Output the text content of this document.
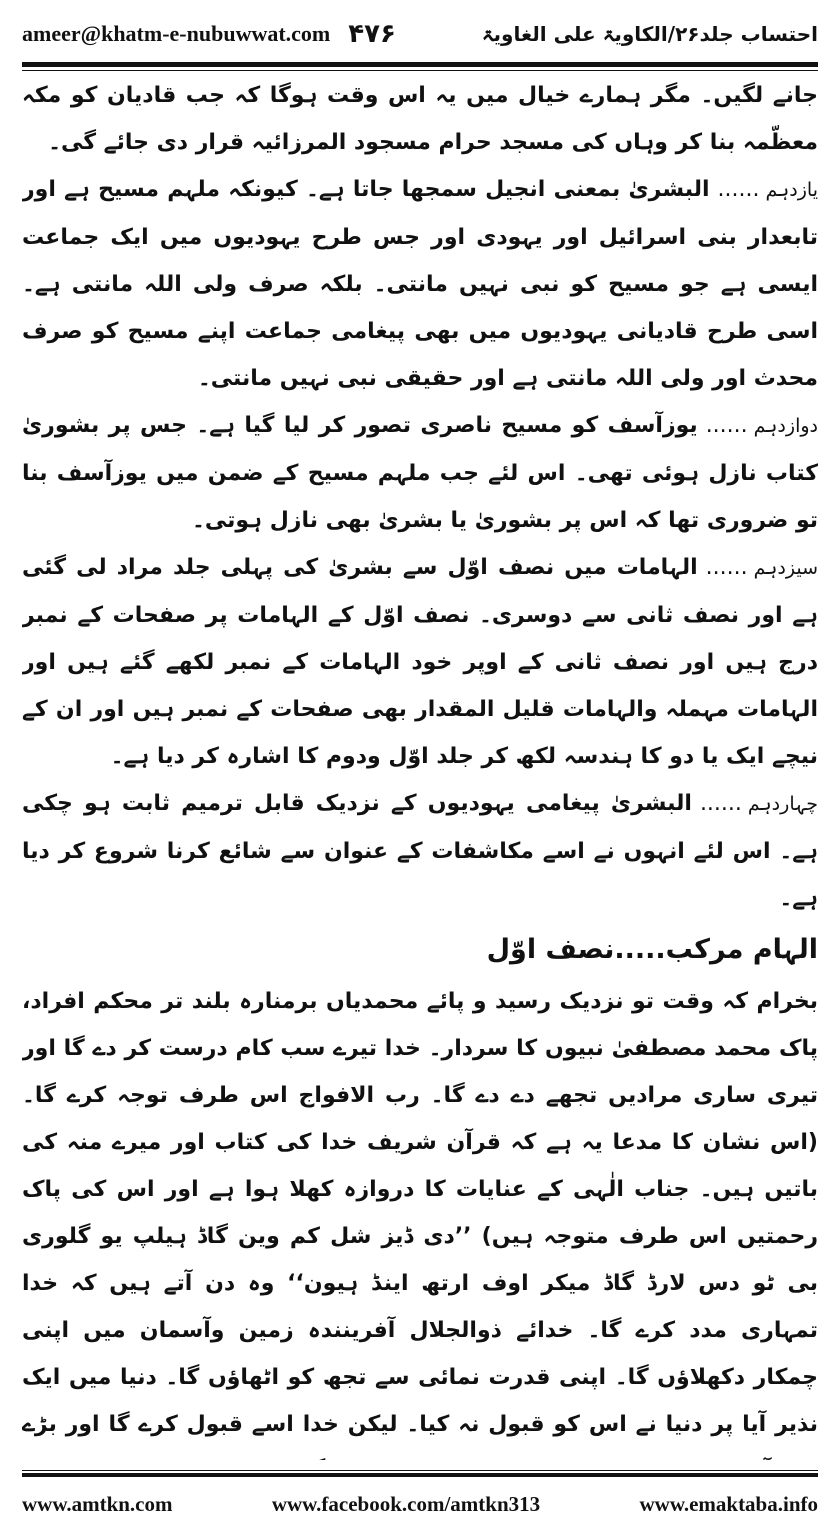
ameer@khatm-e-nubuwwat.com ۴۷۶	احتساب جلد۲۶/الکاویۃ علی الغاویۃ

جانے لگیں۔ مگر ہمارے خیال میں یہ اس وقت ہوگا کہ جب قادیان کو مکہ معظّمہ بنا کر وہاں کی مسجد حرام مسجود المرزائیہ قرار دی جائے گی۔

یازدہم......البشریٰ بمعنی انجیل سمجھا جاتا ہے۔ کیونکہ ملہم مسیح ہے اور تابعدار بنی اسرائیل اور یہودی اور جس طرح یہودیوں میں ایک جماعت ایسی ہے جو مسیح کو نبی نہیں مانتی۔ بلکہ صرف ولی اللہ مانتی ہے۔ اسی طرح قادیانی یہودیوں میں بھی پیغامی جماعت اپنے مسیح کو صرف محدث اور ولی اللہ مانتی ہے اور حقیقی نبی نہیں مانتی۔

دوازدہم......یوزآسف کو مسیح ناصری تصور کر لیا گیا ہے۔ جس پر بشوریٰ کتاب نازل ہوئی تھی۔ اس لئے جب ملہم مسیح کے ضمن میں یوزآسف بنا تو ضروری تھا کہ اس پر بشوریٰ یا بشریٰ بھی نازل ہوتی۔

سیزدہم......الہامات میں نصف اوّل سے بشریٰ کی پہلی جلد مراد لی گئی ہے اور نصف ثانی سے دوسری۔ نصف اوّل کے الہامات پر صفحات کے نمبر درج ہیں اور نصف ثانی کے اوپر خود الہامات کے نمبر لکھے گئے ہیں اور الہامات مہملہ والہامات قلیل المقدار بھی صفحات کے نمبر ہیں اور ان کے نیچے ایک یا دو کا ہندسہ لکھ کر جلد اوّل ودوم کا اشارہ کر دیا ہے۔

چہاردہم......البشریٰ پیغامی یہودیوں کے نزدیک قابل ترمیم ثابت ہو چکی ہے۔ اس لئے انہوں نے اسے مکاشفات کے عنوان سے شائع کرنا شروع کر دیا ہے۔

الہام مرکب.....نصف اوّل

بخرام کہ وقت تو نزدیک رسید و پائے محمدیاں برمنارہ بلند تر محکم افراد، پاک محمد مصطفیٰ نبیوں کا سردار۔ خدا تیرے سب کام درست کر دے گا اور تیری ساری مرادیں تجھے دے دے گا۔ رب الافواج اس طرف توجہ کرے گا۔ (اس نشان کا مدعا یہ ہے کہ قرآن شریف خدا کی کتاب اور میرے منہ کی باتیں ہیں۔ جناب الٰہی کے عنایات کا دروازہ کھلا ہوا ہے اور اس کی پاک رحمتیں اس طرف متوجہ ہیں) ’’دی ڈیز شل کم وین گاڈ ہیلپ یو گلوری بی ٹو دس لارڈ گاڈ میکر اوف ارتھ اینڈ ہیون‘‘ وہ دن آتے ہیں کہ خدا تمہاری مدد کرے گا۔ خدائے ذوالجلال آفرینندہ زمین وآسمان میں اپنی چمکار دکھلاؤں گا۔ اپنی قدرت نمائی سے تجھ کو اٹھاؤں گا۔ دنیا میں ایک نذیر آیا پر دنیا نے اس کو قبول نہ کیا۔ لیکن خدا اسے قبول کرے گا اور بڑے

www.amtkn.com	www.facebook.com/amtkn313	www.emaktaba.info
